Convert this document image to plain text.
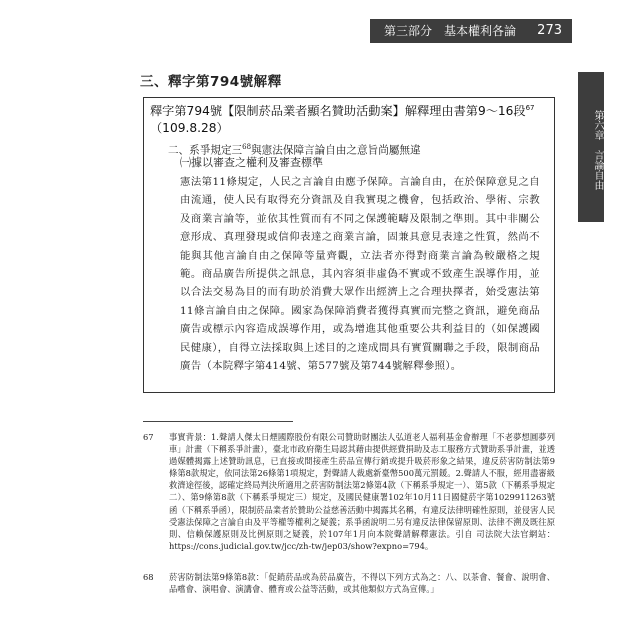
第三部分　基本權利各論	273
第六章　言論自由
三、釋字第794號解釋
釋字第794號【限制菸品業者顯名贊助活動案】解釋理由書第9～16段$^{67}$
（109.8.28）
二、系爭規定三$^{68}$與憲法保障言論自由之意旨尚屬無違
㈠據以審查之權利及審查標準
憲法第11條規定，人民之言論自由應予保障。言論自由，在於保障意見之自由流通，使人民有取得充分資訊及自我實現之機會，包括政治、學術、宗教及商業言論等，並依其性質而有不同之保護範疇及限制之準則。其中非關公意形成、真理發現或信仰表達之商業言論，固兼具意見表達之性質，然尚不能與其他言論自由之保障等量齊觀，立法者亦得對商業言論為較嚴格之規範。商品廣告所提供之訊息，其內容須非虛偽不實或不致產生誤導作用，並以合法交易為目的而有助於消費大眾作出經濟上之合理抉擇者，始受憲法第11條言論自由之保障。國家為保障消費者獲得真實而完整之資訊，避免商品廣告或標示內容造成誤導作用，或為增進其他重要公共利益目的（如保護國民健康），自得立法採取與上述目的之達成間具有實質關聯之手段，限制商品廣告（本院釋字第414號、第577號及第744號解釋參照）。
67 事實背景：1.聲請人傑太日煙國際股份有限公司贊助財團法人弘道老人福利基金會辦理「不老夢想圓夢列車」計畫（下稱系爭計畫），臺北市政府衛生局認其藉由提供經費捐助及志工服務方式贊助系爭計畫，並透過媒體揭露上述贊助訊息，已直接或間接產生菸品宣傳行銷或提升吸菸形象之結果，違反菸害防制法第9條第8款規定，依同法第26條第1項規定，對聲請人裁處新臺幣500萬元罰鍰。2.聲請人不服，經用盡審級救濟途徑後，認確定終局判決所適用之菸害防制法第2條第4款（下稱系爭規定一）、第5款（下稱系爭規定二）、第9條第8款（下稱系爭規定三）規定，及國民健康署102年10月11日國健菸字第1029911263號函（下稱系爭函），限制菸品業者於贊助公益慈善活動中揭露其名稱，有違反法律明確性原則，並侵害人民受憲法保障之言論自由及平等權等權利之疑義；系爭函說明二另有違反法律保留原則、法律不溯及既往原則、信賴保護原則及比例原則之疑義，於107年1月向本院聲請解釋憲法。引自 司法院大法官網站：https://cons.judicial.gov.tw/jcc/zh-tw/jep03/show?expno=794。
68 菸害防制法第9條第8款：「促銷菸品或為菸品廣告，不得以下列方式為之：八、以茶會、餐會、說明會、品嚐會、演唱會、演講會、體育或公益等活動，或其他類似方式為宣傳。」
